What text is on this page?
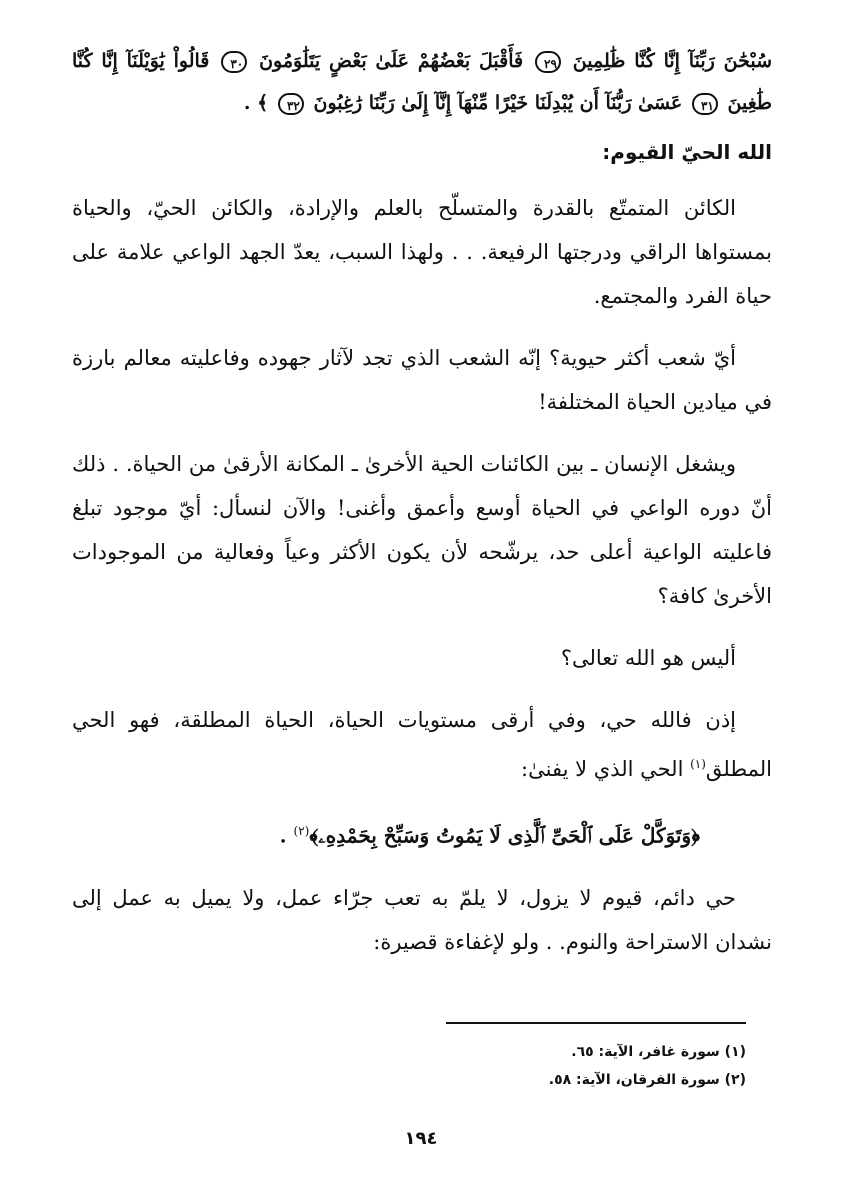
سُبْحَٰنَ رَبِّنَآ إِنَّا كُنَّا ظَٰلِمِينَ ٢٩ فَأَقْبَلَ بَعْضُهُمْ عَلَىٰ بَعْضٍ يَتَلَٰوَمُونَ ٣٠ قَالُواْ يَٰوَيْلَنَآ إِنَّا كُنَّا طَٰغِينَ ٣١ عَسَىٰ رَبُّنَآ أَن يُبْدِلَنَا خَيْرًا مِّنْهَآ إِنَّآ إِلَىٰ رَبِّنَا رَٰغِبُونَ ٣٢ ﴾ .
الله الحيّ القيوم:

الكائن المتمتّع بالقدرة والمتسلّح بالعلم والإرادة، والكائن الحيّ، والحياة بمستواها الراقي ودرجتها الرفيعة. . . ولهذا السبب، يعدّ الجهد الواعي علامة على حياة الفرد والمجتمع.

أيّ شعب أكثر حيوية؟ إنّه الشعب الذي تجد لآثار جهوده وفاعليته معالم بارزة في ميادين الحياة المختلفة!

ويشغل الإنسان ـ بين الكائنات الحية الأخرىٰ ـ المكانة الأرقىٰ من الحياة. . ذلك أنّ دوره الواعي في الحياة أوسع وأعمق وأغنى! والآن لنسأل: أيّ موجود تبلغ فاعليته الواعية أعلى حد، يرشّحه لأن يكون الأكثر وعياً وفعالية من الموجودات الأخرىٰ كافة؟

أليس هو الله تعالى؟

إذن فالله حي، وفي أرقى مستويات الحياة، الحياة المطلقة، فهو الحي المطلق$^{(١)}$ الحي الذي لا يفنىٰ:

﴿وَتَوَكَّلْ عَلَى ٱلْحَىِّ ٱلَّذِى لَا يَمُوتُ وَسَبِّحْ بِحَمْدِهِۦ﴾$^{(٢)}$ .

حي دائم، قيوم لا يزول، لا يلمّ به تعب جرّاء عمل، ولا يميل به عمل إلى نشدان الاستراحة والنوم. . ولو لإغفاءة قصيرة:

(١) سورة غافر، الآية: ٦٥.
(٢) سورة الفرقان، الآية: ٥٨.
١٩٤
